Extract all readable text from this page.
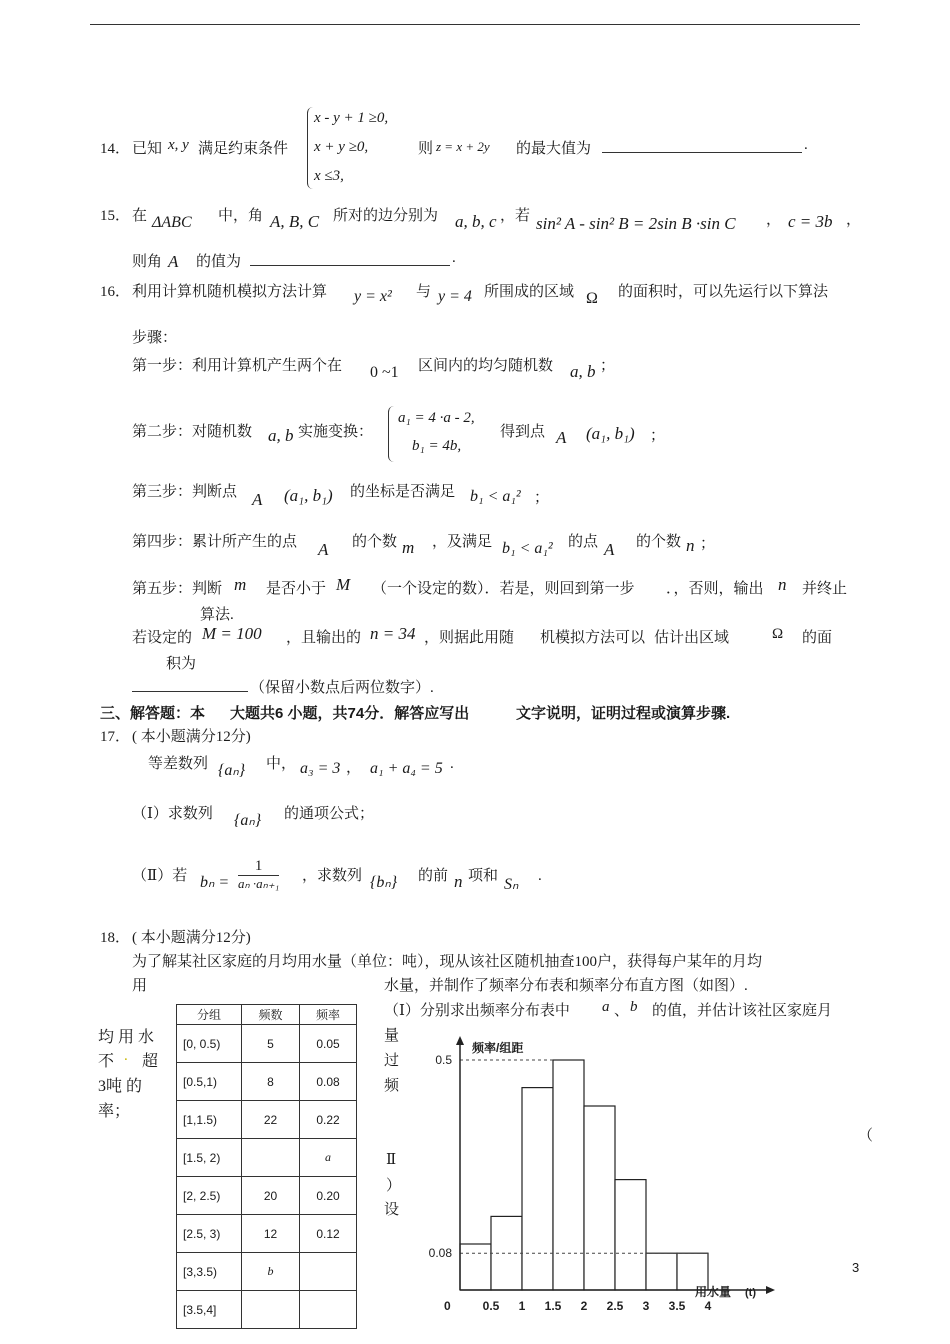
14． 已知 x, y 满足约束条件
x - y + 1 ≥0,
x + y ≥0,
x ≤3,
则 z = x + 2y 的最大值为	.
15． 在 ΔABC 中，角 A, B, C 所对的边分别为 a, b, c ，若 sin² A - sin² B = 2sin B ·sin C ， c = 3b ，
则角 A 的值为	.
16． 利用计算机随机模拟方法计算 y = x² 与 y = 4 所围成的区域 Ω 的面积时，可以先运行以下算法
步骤：
第一步：利用计算机产生两个在 0 ~1 区间内的均匀随机数 a, b ；
第二步：对随机数 a, b 实施变换：
a₁ = 4 ·a - 2,
b₁ = 4b,
得到点 A (a₁, b₁) ；
第三步：判断点 A (a₁, b₁) 的坐标是否满足 b₁ < a₁² ；
第四步：累计所产生的点 A 的个数 m ，及满足 b₁ < a₁² 的点 A 的个数 n ；
第五步：判断 m 是否小于 M （一个设定的数）．若是，则回到第一步 ．，否则，输出 n 并终止
算法.
若设定的 M = 100 ，且输出的 n = 34 ，则据此用随 机模拟方法可以 估计出区域	Ω 的面
积为
（保留小数点后两位数字）.
三、解答题：本 大题共6 小题，共74分．解答应写出	文字说明，证明过程或演算步骤.
17． ( 本小题满分12分)
等差数列 {aₙ} 中， a₃ = 3 ， a₁ + a₄ = 5 .
（Ⅰ）求数列 {aₙ} 的通项公式；
（Ⅱ）若 $b_n = \frac{1}{\text{aₙ ·aₙ₊₁}}$ ，求数列 {bₙ} 的前 n 项和 Sₙ .
18． ( 本小题满分12分)
为了解某社区家庭的月均用水量（单位：吨），现从该社区随机抽查100户，获得每户某年的月均
用	水量，并制作了频率分布表和频率分布直方图（如图）.
（Ⅰ）分别求出频率分布表中 a 、 b 的值，并估计该社区家庭月
均 用 水
不 . 超
3吨 的
率；
量
过
频
（
Ⅱ
）
设
3
分组	频数	频率
[0, 0.5)	5	0.05
[0.5,1)	8	0.08
[1,1.5)	22	0.22
[1.5, 2)		a
[2, 2.5)	20	0.20
[2.5, 3)	12	0.12
[3,3.5)	b	
[3.5,4]		
频率/组距
用水量 (t)
0	0.5 1 1.5 2 2.5 3 3.5 4
0.5
0.08
